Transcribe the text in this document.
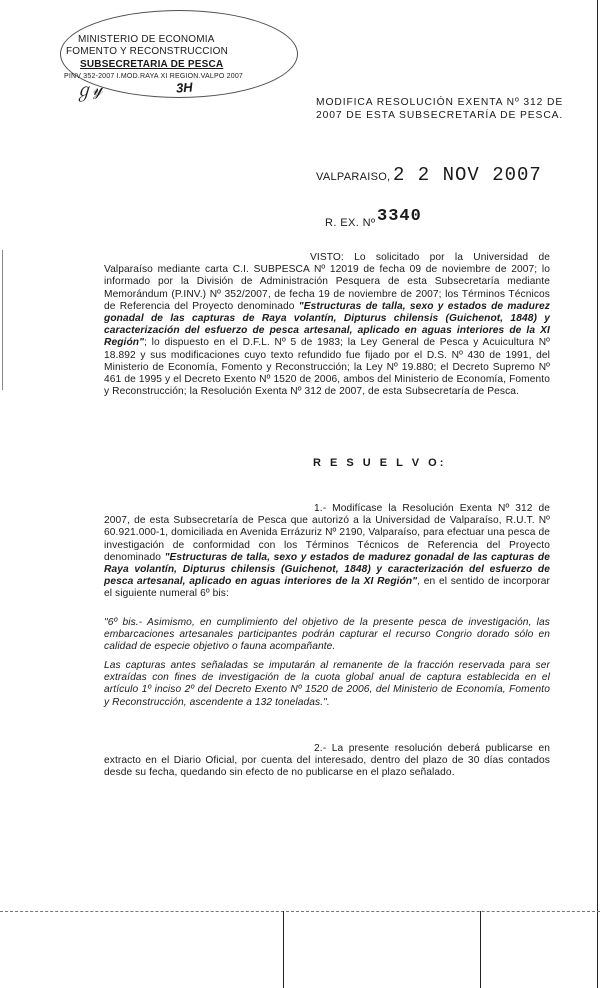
MINISTERIO DE ECONOMIA
FOMENTO Y RECONSTRUCCION
SUBSECRETARIA DE PESCA
PINV 352-2007 I.MOD.RAYA XI REGION.VALPO 2007
ℊ𝓎	3H
MODIFICA RESOLUCIÓN EXENTA Nº 312 DE 2007 DE ESTA SUBSECRETARÍA DE PESCA.
VALPARAISO, 2 2 NOV 2007
R. EX. Nº 3340
VISTO: Lo solicitado por la Universidad de Valparaíso mediante carta C.I. SUBPESCA Nº 12019 de fecha 09 de noviembre de 2007; lo informado por la División de Administración Pesquera de esta Subsecretaría mediante Memorándum (P.INV.) Nº 352/2007, de fecha 19 de noviembre de 2007; los Términos Técnicos de Referencia del Proyecto denominado "Estructuras de talla, sexo y estados de madurez gonadal de las capturas de Raya volantín, Dipturus chilensis (Guichenot, 1848) y caracterización del esfuerzo de pesca artesanal, aplicado en aguas interiores de la XI Región"; lo dispuesto en el D.F.L. Nº 5 de 1983; la Ley General de Pesca y Acuicultura Nº 18.892 y sus modificaciones cuyo texto refundido fue fijado por el D.S. Nº 430 de 1991, del Ministerio de Economía, Fomento y Reconstrucción; la Ley Nº 19.880; el Decreto Supremo Nº 461 de 1995 y el Decreto Exento Nº 1520 de 2006, ambos del Ministerio de Economía, Fomento y Reconstrucción; la Resolución Exenta Nº 312 de 2007, de esta Subsecretaría de Pesca.
R E S U E L V O:
1.- Modifícase la Resolución Exenta Nº 312 de 2007, de esta Subsecretaría de Pesca que autorizó a la Universidad de Valparaíso, R.U.T. Nº 60.921.000-1, domiciliada en Avenida Errázuriz Nº 2190, Valparaíso, para efectuar una pesca de investigación de conformidad con los Términos Técnicos de Referencia del Proyecto denominado "Estructuras de talla, sexo y estados de madurez gonadal de las capturas de Raya volantín, Dipturus chilensis (Guichenot, 1848) y caracterización del esfuerzo de pesca artesanal, aplicado en aguas interiores de la XI Región", en el sentido de incorporar el siguiente numeral 6º bis:
"6º bis.- Asimismo, en cumplimiento del objetivo de la presente pesca de investigación, las embarcaciones artesanales participantes podrán capturar el recurso Congrio dorado sólo en calidad de especie objetivo o fauna acompañante.
Las capturas antes señaladas se imputarán al remanente de la fracción reservada para ser extraídas con fines de investigación de la cuota global anual de captura establecida en el artículo 1º inciso 2º del Decreto Exento Nº 1520 de 2006, del Ministerio de Economía, Fomento y Reconstrucción, ascendente a 132 toneladas.".
2.- La presente resolución deberá publicarse en extracto en el Diario Oficial, por cuenta del interesado, dentro del plazo de 30 días contados desde su fecha, quedando sin efecto de no publicarse en el plazo señalado.
